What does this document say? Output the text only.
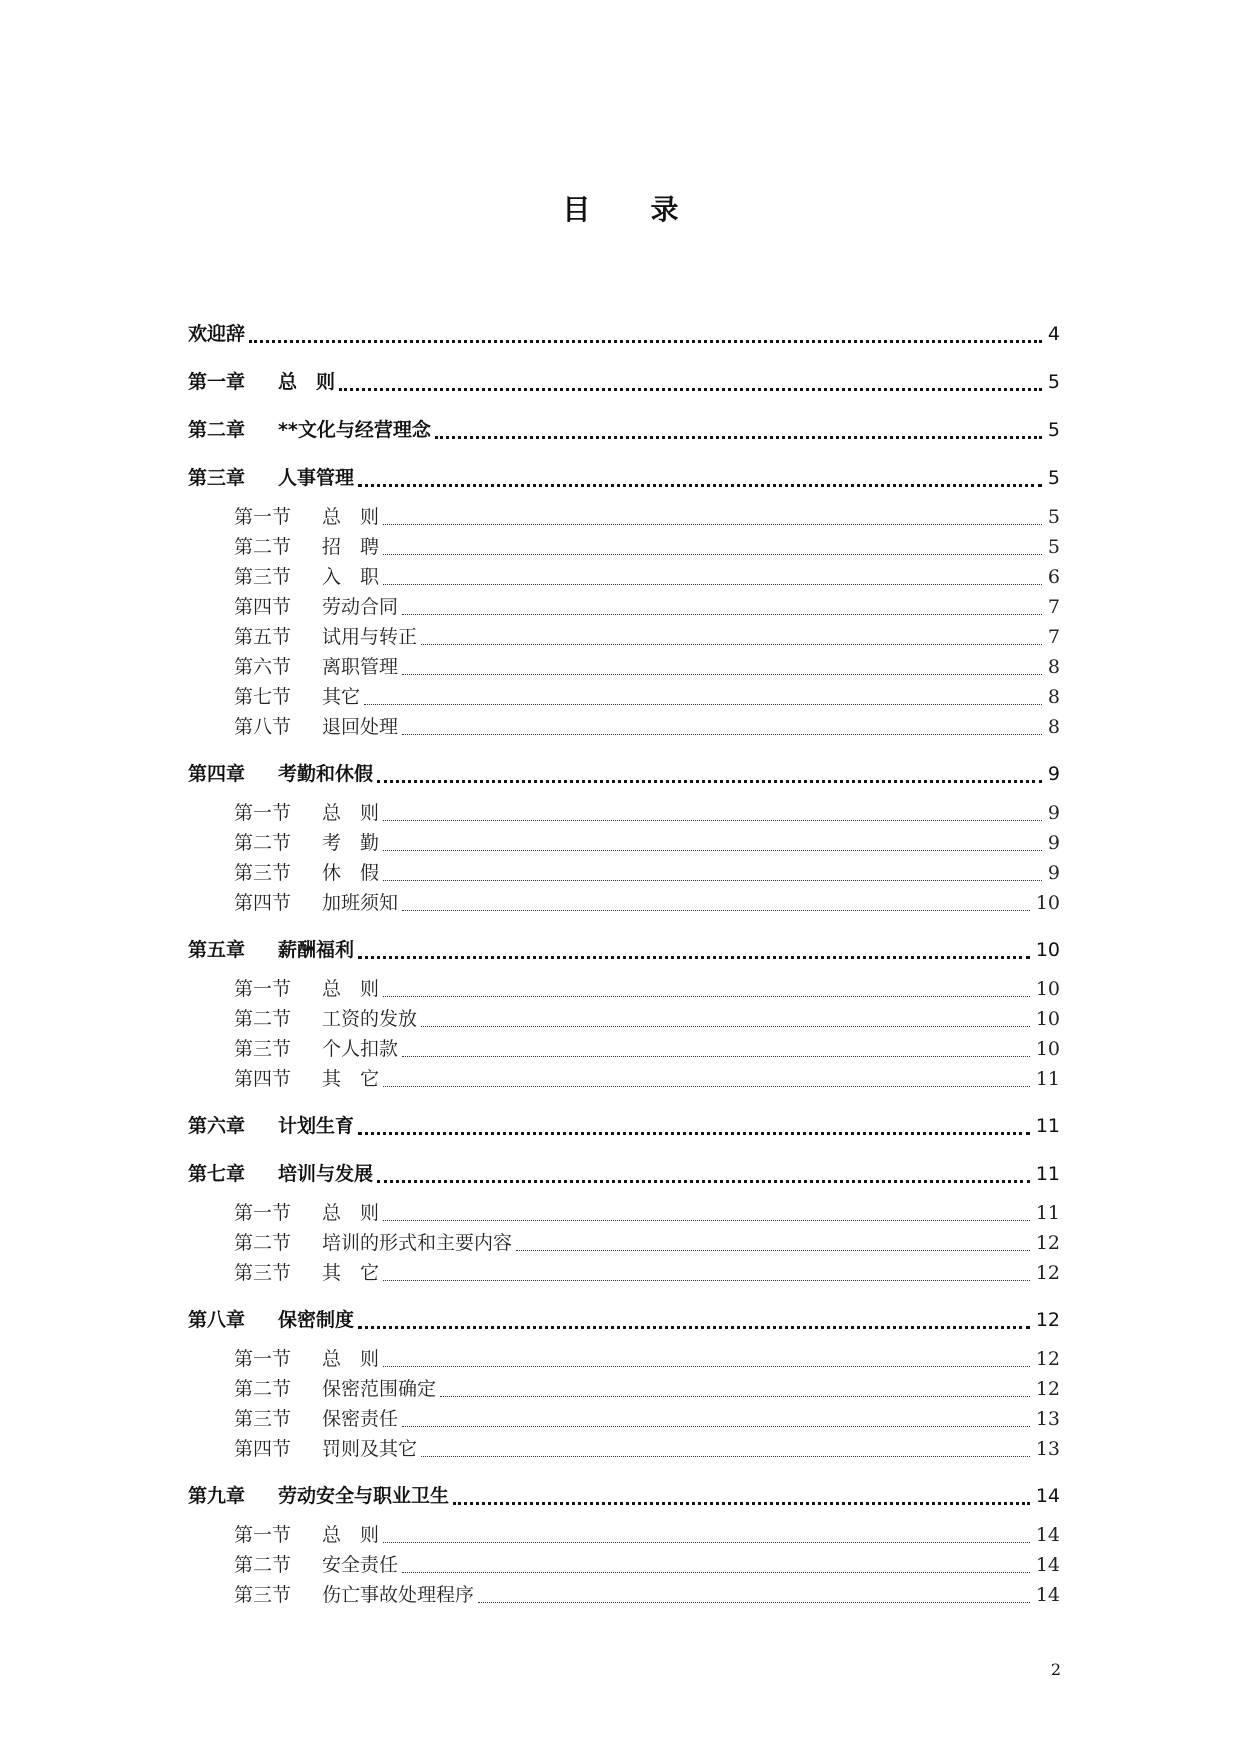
目 录
欢迎辞	4
第一章	总　则	5
第二章	**文化与经营理念	5
第三章	人事管理	5
第一节	总　则	5
第二节	招　聘	5
第三节	入　职	6
第四节	劳动合同	7
第五节	试用与转正	7
第六节	离职管理	8
第七节	其它	8
第八节	退回处理	8
第四章	考勤和休假	9
第一节	总　则	9
第二节	考　勤	9
第三节	休　假	9
第四节	加班须知	10
第五章	薪酬福利	10
第一节	总　则	10
第二节	工资的发放	10
第三节	个人扣款	10
第四节	其　它	11
第六章	计划生育	11
第七章	培训与发展	11
第一节	总　则	11
第二节	培训的形式和主要内容	12
第三节	其　它	12
第八章	保密制度	12
第一节	总　则	12
第二节	保密范围确定	12
第三节	保密责任	13
第四节	罚则及其它	13
第九章	劳动安全与职业卫生	14
第一节	总　则	14
第二节	安全责任	14
第三节	伤亡事故处理程序	14
2
